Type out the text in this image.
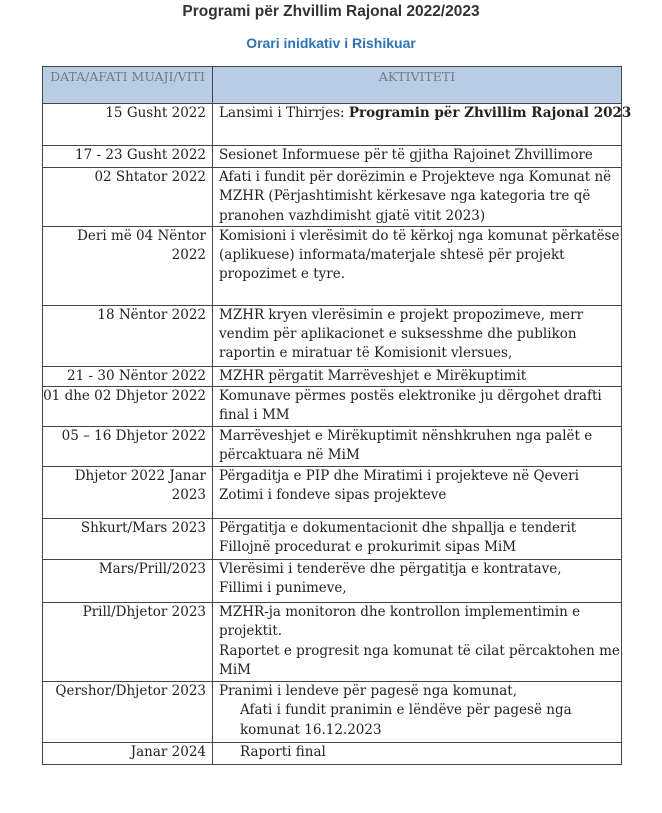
Programi për Zhvillim Rajonal 2022/2023
Orari inidkativ i Rishikuar
DATA/AFATI MUAJI/VITI	AKTIVITETI

15 Gusht 2022	Lansimi i Thirrjes: Programin për Zhvillim Rajonal 2023

17 - 23 Gusht 2022	Sesionet Informuese për të gjitha Rajoinet Zhvillimore

02 Shtator 2022	Afati i fundit për dorëzimin e Projekteve nga Komunat në
MZHR (Përjashtimisht kërkesave nga kategoria tre që
pranohen vazhdimisht gjatë vitit 2023)

Deri më 04 Nëntor 2022	Komisioni i vlerësimit do të kërkoj nga komunat përkatëse
(aplikuese) informata/materjale shtesë për projekt
propozimet e tyre.

18 Nëntor 2022	MZHR kryen vlerësimin e projekt propozimeve, merr
vendim për aplikacionet e suksesshme dhe publikon
raportin e miratuar të Komisionit vlersues,

21 - 30 Nëntor 2022	MZHR përgatit Marrëveshjet e Mirëkuptimit

01 dhe 02 Dhjetor 2022	Komunave përmes postës elektronike ju dërgohet drafti
final i MM

05 – 16 Dhjetor 2022	Marrëveshjet e Mirëkuptimit nënshkruhen nga palët e
përcaktuara në MiM

Dhjetor 2022 Janar 2023	Përgaditja e PIP dhe Miratimi i projekteve në Qeveri
Zotimi i fondeve sipas projekteve

Shkurt/Mars 2023	Përgatitja e dokumentacionit dhe shpallja e tenderit
Fillojnë procedurat e prokurimit sipas MiM

Mars/Prill/2023	Vlerësimi i tenderëve dhe përgatitja e kontratave,
Fillimi i punimeve,

Prill/Dhjetor 2023	MZHR-ja monitoron dhe kontrollon implementimin e
projektit.
Raportet e progresit nga komunat të cilat përcaktohen me
MiM

Qershor/Dhjetor 2023	Pranimi i lendeve për pagesë nga komunat,
Afati i fundit pranimin e lëndëve për pagesë nga
komunat 16.12.2023

Janar 2024	Raporti final
